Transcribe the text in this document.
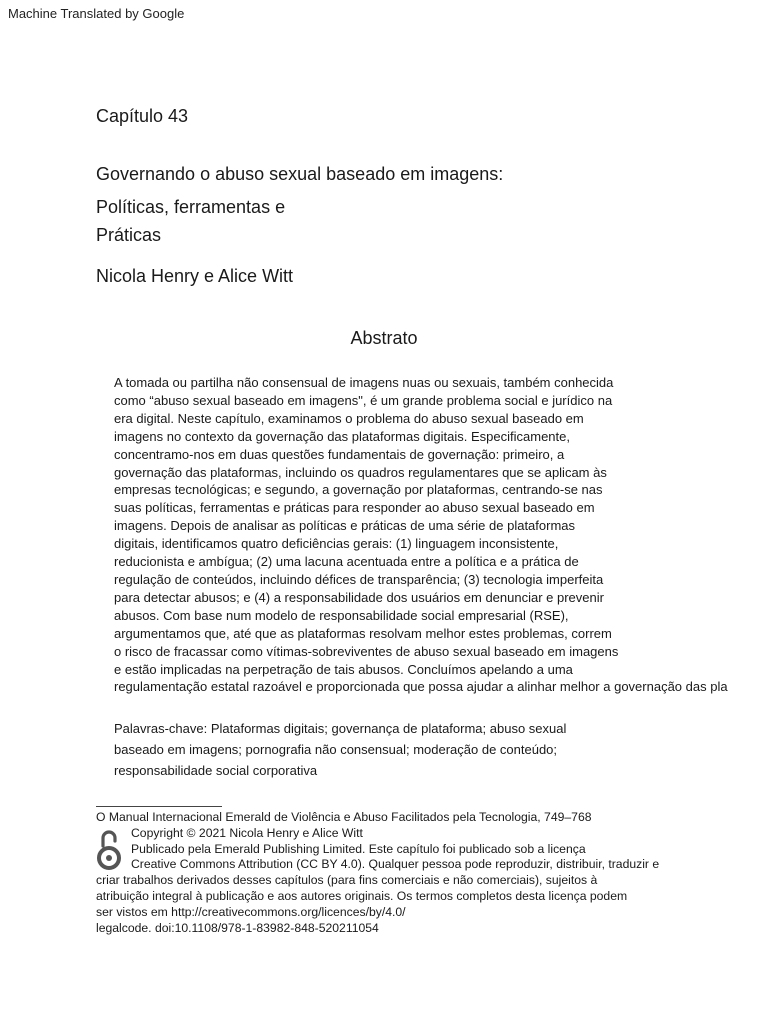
Machine Translated by Google
Capítulo 43
Governando o abuso sexual baseado em imagens:
Políticas, ferramentas e
Práticas
Nicola Henry e Alice Witt
Abstrato
A tomada ou partilha não consensual de imagens nuas ou sexuais, também conhecida
como “abuso sexual baseado em imagens", é um grande problema social e jurídico na
era digital. Neste capítulo, examinamos o problema do abuso sexual baseado em
imagens no contexto da governação das plataformas digitais. Especificamente,
concentramo-nos em duas questões fundamentais de governação: primeiro, a
governação das plataformas, incluindo os quadros regulamentares que se aplicam às
empresas tecnológicas; e segundo, a governação por plataformas, centrando-se nas
suas políticas, ferramentas e práticas para responder ao abuso sexual baseado em
imagens. Depois de analisar as políticas e práticas de uma série de plataformas
digitais, identificamos quatro deficiências gerais: (1) linguagem inconsistente,
reducionista e ambígua; (2) uma lacuna acentuada entre a política e a prática de
regulação de conteúdos, incluindo défices de transparência; (3) tecnologia imperfeita
para detectar abusos; e (4) a responsabilidade dos usuários em denunciar e prevenir
abusos. Com base num modelo de responsabilidade social empresarial (RSE),
argumentamos que, até que as plataformas resolvam melhor estes problemas, correm
o risco de fracassar como vítimas-sobreviventes de abuso sexual baseado em imagens
e estão implicadas na perpetração de tais abusos. Concluímos apelando a uma
regulamentação estatal razoável e proporcionada que possa ajudar a alinhar melhor a governação das pla
Palavras-chave: Plataformas digitais; governança de plataforma; abuso sexual
baseado em imagens; pornografia não consensual; moderação de conteúdo;
responsabilidade social corporativa
O Manual Internacional Emerald de Violência e Abuso Facilitados pela Tecnologia, 749–768
Copyright © 2021 Nicola Henry e Alice Witt
Publicado pela Emerald Publishing Limited. Este capítulo foi publicado sob a licença
Creative Commons Attribution (CC BY 4.0). Qualquer pessoa pode reproduzir, distribuir, traduzir e
criar trabalhos derivados desses capítulos (para fins comerciais e não comerciais), sujeitos à
atribuição integral à publicação e aos autores originais. Os termos completos desta licença podem
ser vistos em http://creativecommons.org/licences/by/4.0/
legalcode. doi:10.1108/978-1-83982-848-520211054
